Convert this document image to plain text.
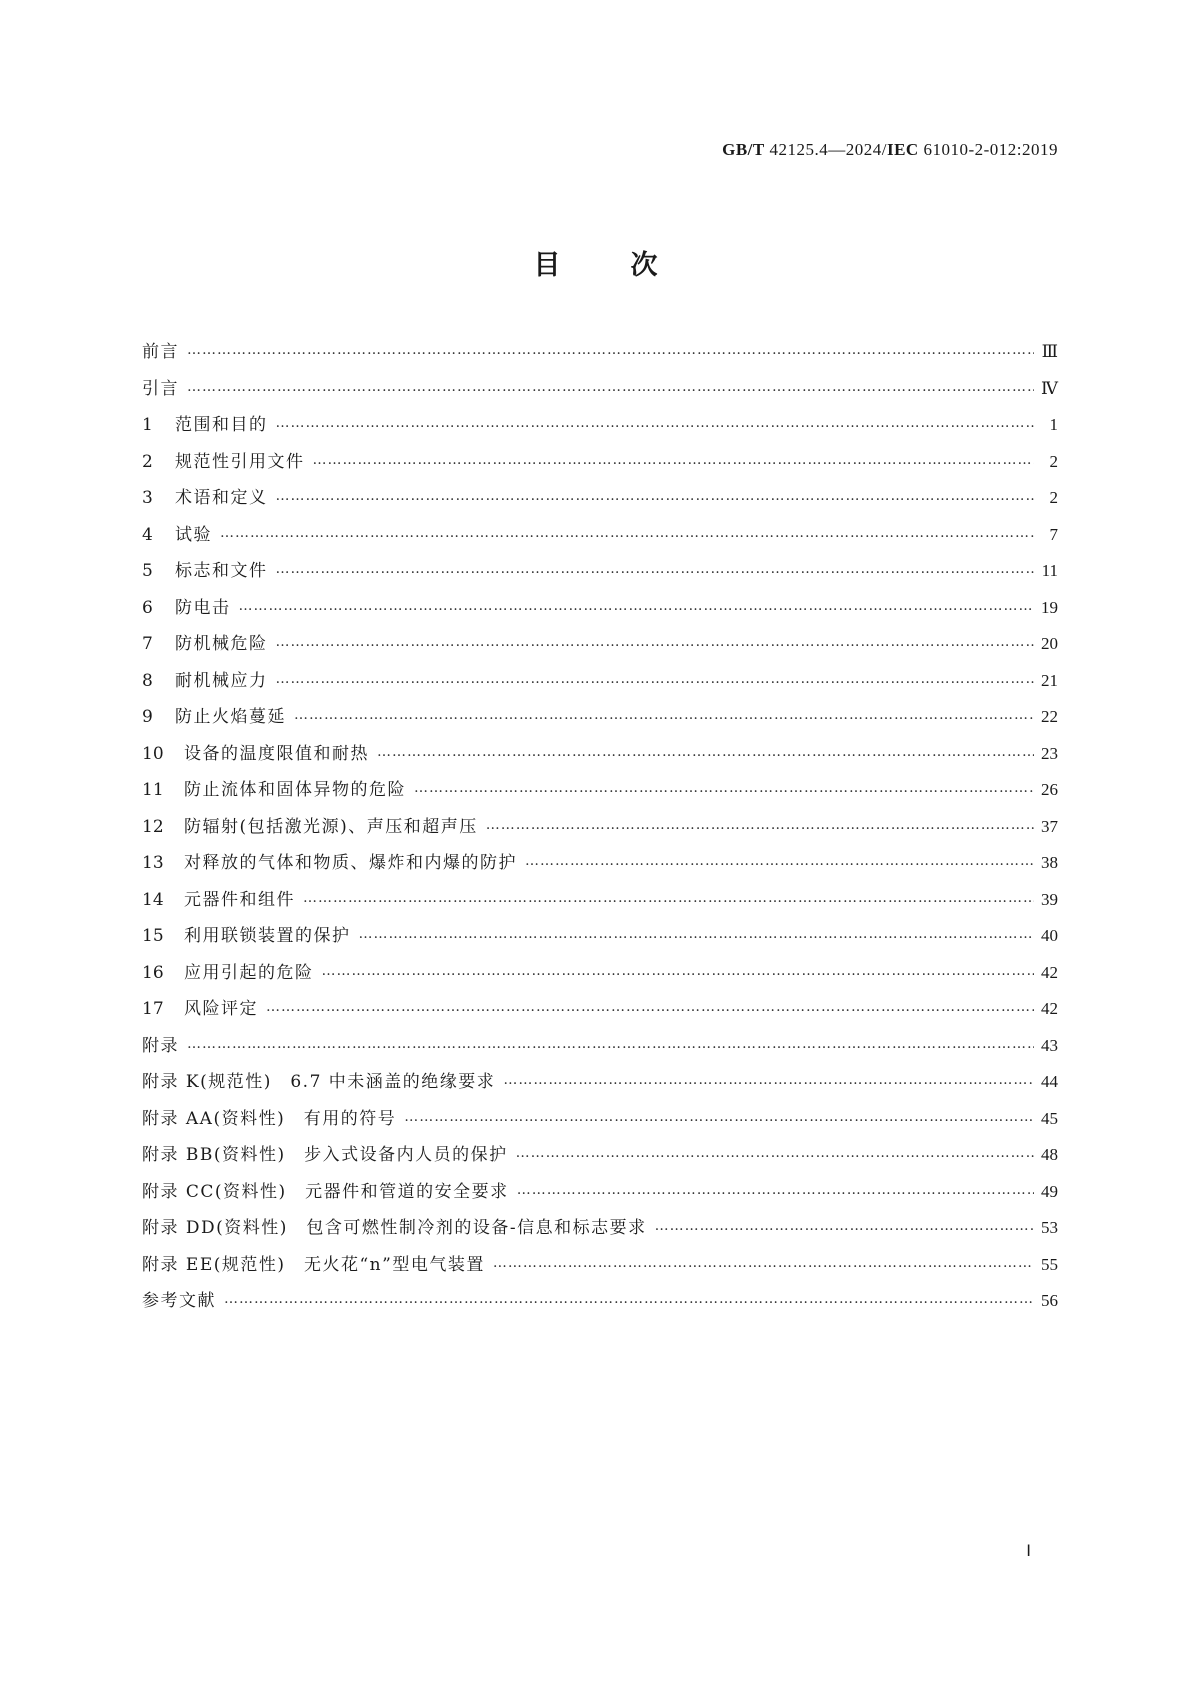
GB/T 42125.4—2024/IEC 61010-2-012:2019
目次
前言 ……………………………………………………………………………………………………………………………………………………………………………………………………………………………………………………	Ⅲ
引言 ……………………………………………………………………………………………………………………………………………………………………………………………………………………………………………………	Ⅳ
1	范围和目的 ……………………………………………………………………………………………………………………………………………………………………………………………………………………………………………………	1
2	规范性引用文件 ……………………………………………………………………………………………………………………………………………………………………………………………………………………………………………………	2
3	术语和定义 ……………………………………………………………………………………………………………………………………………………………………………………………………………………………………………………	2
4	试验 ……………………………………………………………………………………………………………………………………………………………………………………………………………………………………………………	7
5	标志和文件 ……………………………………………………………………………………………………………………………………………………………………………………………………………………………………………………	11
6	防电击 ……………………………………………………………………………………………………………………………………………………………………………………………………………………………………………………	19
7	防机械危险 ……………………………………………………………………………………………………………………………………………………………………………………………………………………………………………………	20
8	耐机械应力 ……………………………………………………………………………………………………………………………………………………………………………………………………………………………………………………	21
9	防止火焰蔓延 ……………………………………………………………………………………………………………………………………………………………………………………………………………………………………………………	22
10	设备的温度限值和耐热 ……………………………………………………………………………………………………………………………………………………………………………………………………………………………………………………	23
11	防止流体和固体异物的危险 ……………………………………………………………………………………………………………………………………………………………………………………………………………………………………………………	26
12	防辐射(包括激光源)、声压和超声压 ……………………………………………………………………………………………………………………………………………………………………………………………………………………………………………………	37
13	对释放的气体和物质、爆炸和内爆的防护 ……………………………………………………………………………………………………………………………………………………………………………………………………………………………………………………	38
14	元器件和组件 ……………………………………………………………………………………………………………………………………………………………………………………………………………………………………………………	39
15	利用联锁装置的保护 ……………………………………………………………………………………………………………………………………………………………………………………………………………………………………………………	40
16	应用引起的危险 ……………………………………………………………………………………………………………………………………………………………………………………………………………………………………………………	42
17	风险评定 ……………………………………………………………………………………………………………………………………………………………………………………………………………………………………………………	42
附录 ……………………………………………………………………………………………………………………………………………………………………………………………………………………………………………………	43
附录 K(规范性)　6.7 中未涵盖的绝缘要求 ……………………………………………………………………………………………………………………………………………………………………………………………………………………………………………………	44
附录 AA(资料性)　有用的符号 ……………………………………………………………………………………………………………………………………………………………………………………………………………………………………………………	45
附录 BB(资料性)　步入式设备内人员的保护 ……………………………………………………………………………………………………………………………………………………………………………………………………………………………………………………	48
附录 CC(资料性)　元器件和管道的安全要求 ……………………………………………………………………………………………………………………………………………………………………………………………………………………………………………………	49
附录 DD(资料性)　包含可燃性制冷剂的设备-信息和标志要求 ……………………………………………………………………………………………………………………………………………………………………………………………………………………………………………………	53
附录 EE(规范性)　无火花“n”型电气装置 ……………………………………………………………………………………………………………………………………………………………………………………………………………………………………………………	55
参考文献 ……………………………………………………………………………………………………………………………………………………………………………………………………………………………………………………	56
Ⅰ
